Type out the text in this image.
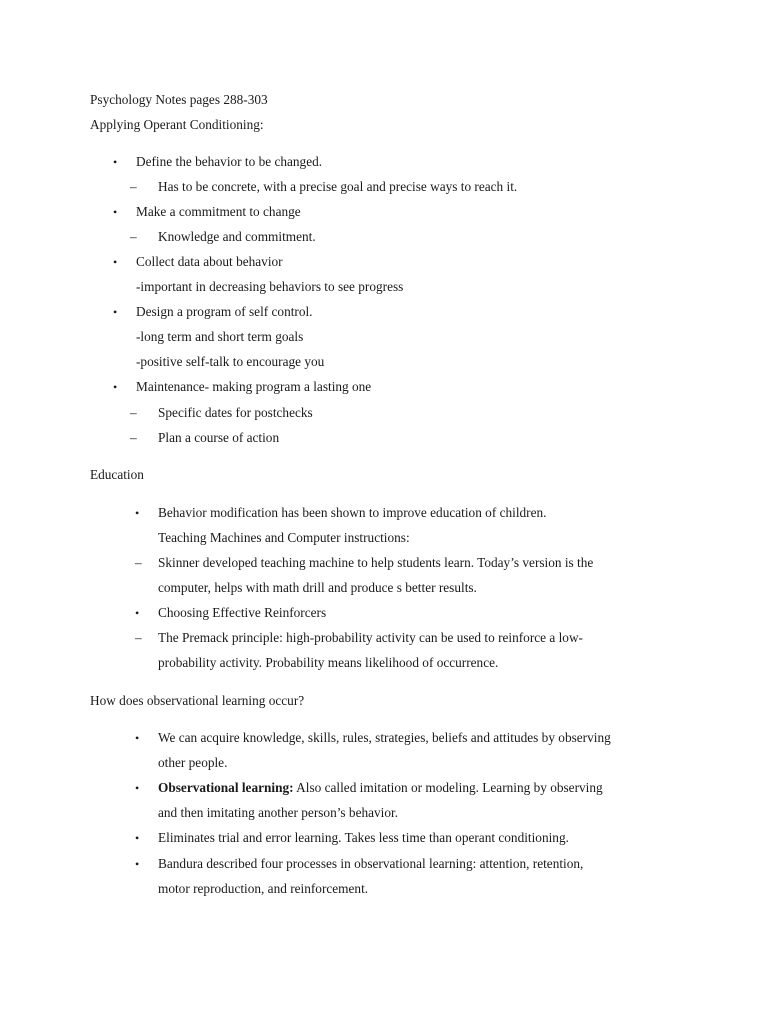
Psychology Notes pages 288-303
Applying Operant Conditioning:
• Define the behavior to be changed.
– Has to be concrete, with a precise goal and precise ways to reach it.
• Make a commitment to change
– Knowledge and commitment.
• Collect data about behavior
-important in decreasing behaviors to see progress
• Design a program of self control.
-long term and short term goals
-positive self-talk to encourage you
• Maintenance- making program a lasting one
– Specific dates for postchecks
– Plan a course of action
Education
• Behavior modification has been shown to improve education of children.
Teaching Machines and Computer instructions:
– Skinner developed teaching machine to help students learn. Today’s version is the
computer, helps with math drill and produce s better results.
• Choosing Effective Reinforcers
– The Premack principle: high-probability activity can be used to reinforce a low-
probability activity. Probability means likelihood of occurrence.
How does observational learning occur?
• We can acquire knowledge, skills, rules, strategies, beliefs and attitudes by observing
other people.
• Observational learning: Also called imitation or modeling. Learning by observing
and then imitating another person’s behavior.
• Eliminates trial and error learning. Takes less time than operant conditioning.
• Bandura described four processes in observational learning: attention, retention,
motor reproduction, and reinforcement.
